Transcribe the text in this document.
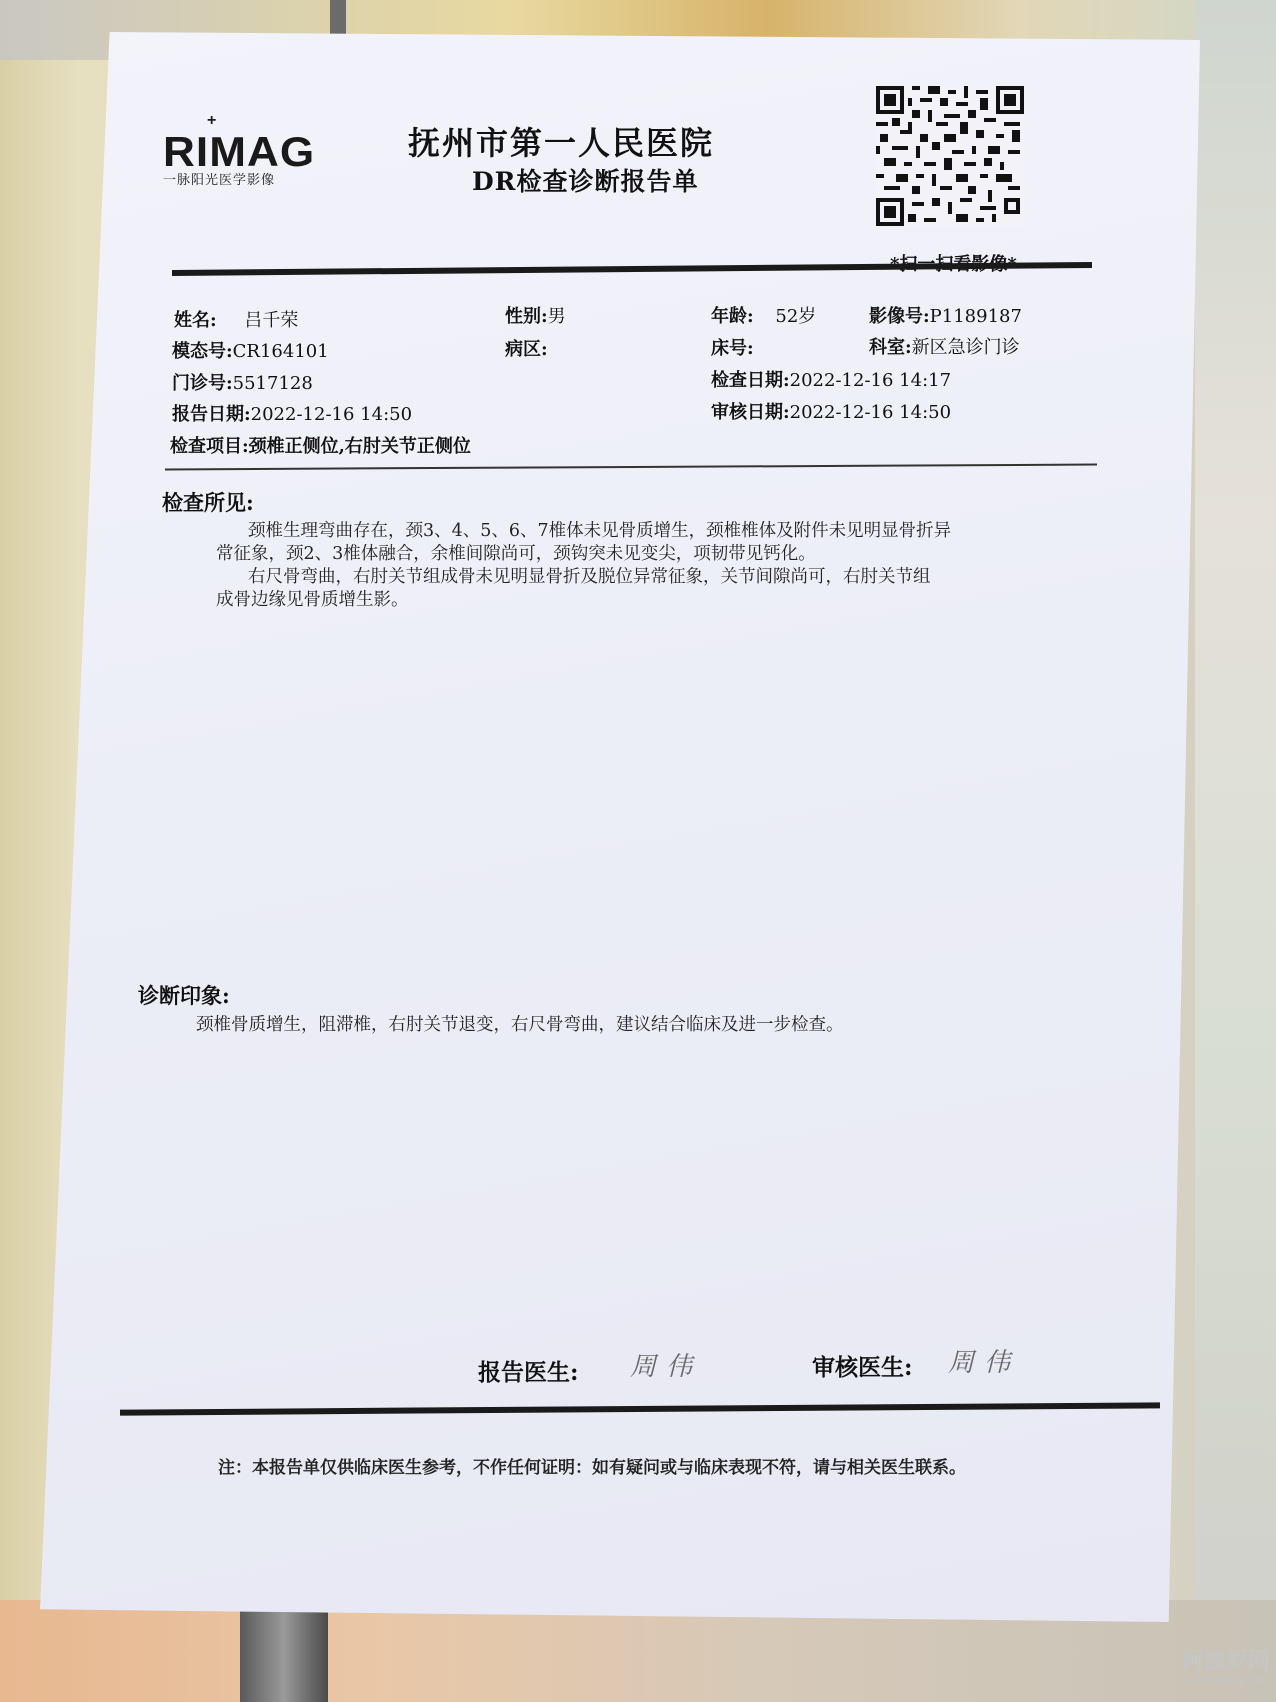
+
RIMAG
一脉阳光医学影像
抚州市第一人民医院
DR检查诊断报告单
姓名: 吕千荣	性别:男	年龄: 52岁	影像号:P1189187
模态号:CR164101	病区:	床号:	科室:新区急诊门诊
门诊号:5517128	检查日期:2022-12-16 14:17
报告日期:2022-12-16 14:50	审核日期:2022-12-16 14:50
检查项目:颈椎正侧位,右肘关节正侧位
检查所见:
颈椎生理弯曲存在，颈3、4、5、6、7椎体未见骨质增生，颈椎椎体及附件未见明显骨折异
常征象，颈2、3椎体融合，余椎间隙尚可，颈钩突未见变尖，项韧带见钙化。
右尺骨弯曲，右肘关节组成骨未见明显骨折及脱位异常征象，关节间隙尚可，右肘关节组
成骨边缘见骨质增生影。
诊断印象:
颈椎骨质增生，阻滞椎，右肘关节退变，右尺骨弯曲，建议结合临床及进一步检查。
报告医生: 周伟	审核医生: 周伟
注：本报告单仅供临床医生参考，不作任何证明：如有疑问或与临床表现不符，请与相关医生联系。
阿波罗网
aboluowang.com
